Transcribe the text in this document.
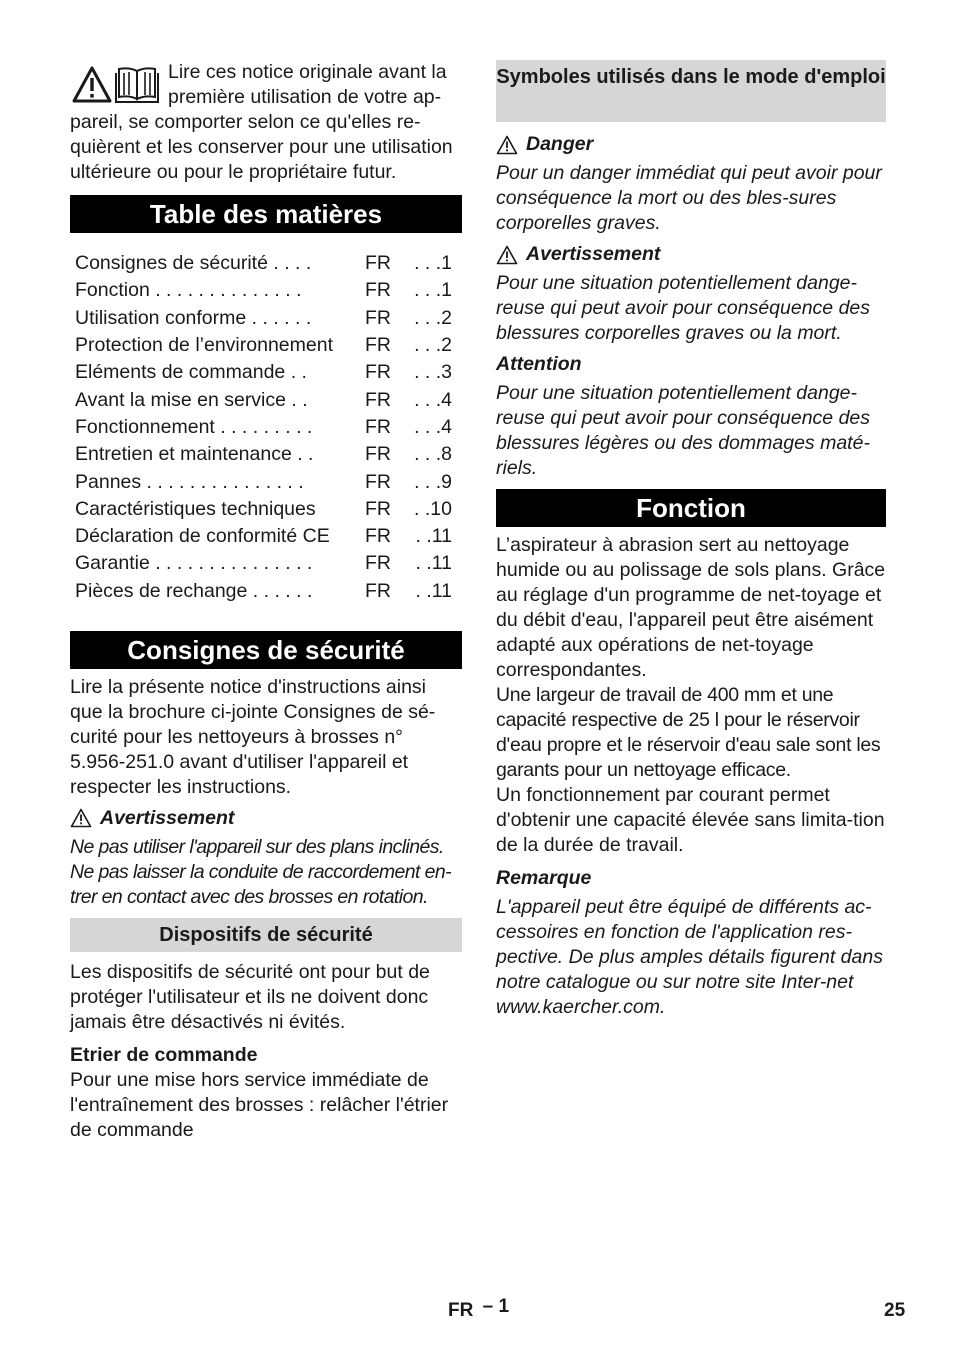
Lire ces notice originale avant la première utilisation de votre ap-pareil, se comporter selon ce qu'elles re-quièrent et les conserver pour une utilisation ultérieure ou pour le propriétaire futur.

Table des matières
Consignes de sécurité . . . .	FR	. . .1
Fonction . . . . . . . . . . . . . .	FR	. . .1
Utilisation conforme . . . . . .	FR	. . .2
Protection de l’environnement	FR	. . .2
Eléments de commande . .	FR	. . .3
Avant la mise en service . .	FR	. . .4
Fonctionnement . . . . . . . . .	FR	. . .4
Entretien et maintenance . .	FR	. . .8
Pannes . . . . . . . . . . . . . . .	FR	. . .9
Caractéristiques techniques	FR	. .10
Déclaration de conformité CE	FR	. .11
Garantie . . . . . . . . . . . . . . .	FR	. .11
Pièces de rechange . . . . . .	FR	. .11
Consignes de sécurité

Lire la présente notice d'instructions ainsi que la brochure ci-jointe Consignes de sé-curité pour les nettoyeurs à brosses n° 5.956-251.0 avant d'utiliser l'appareil et respecter les instructions.

Avertissement

Ne pas utiliser l'appareil sur des plans inclinés. Ne pas laisser la conduite de raccordement en-trer en contact avec des brosses en rotation.

Dispositifs de sécurité

Les dispositifs de sécurité ont pour but de protéger l'utilisateur et ils ne doivent donc jamais être désactivés ni évités.

Etrier de commande

Pour une mise hors service immédiate de l'entraînement des brosses : relâcher l'étrier de commande

Symboles utilisés dans le mode d'emploi
Danger

Pour un danger immédiat qui peut avoir pour conséquence la mort ou des bles-sures corporelles graves.

Avertissement

Pour une situation potentiellement dange-reuse qui peut avoir pour conséquence des blessures corporelles graves ou la mort.

Attention

Pour une situation potentiellement dange-reuse qui peut avoir pour conséquence des blessures légères ou des dommages maté-riels.

Fonction

L’aspirateur à abrasion sert au nettoyage humide ou au polissage de sols plans. Grâce au réglage d'un programme de net-toyage et du débit d'eau, l'appareil peut être aisément adapté aux opérations de net-toyage correspondantes.

Une largeur de travail de 400 mm et une capacité respective de 25 l pour le réservoir d'eau propre et le réservoir d'eau sale sont les garants pour un nettoyage efficace.

Un fonctionnement par courant permet d'obtenir une capacité élevée sans limita-tion de la durée de travail.

Remarque

L'appareil peut être équipé de différents ac-cessoires en fonction de l'application res-pective. De plus amples détails figurent dans notre catalogue ou sur notre site Inter-net www.kaercher.com.

FR – 1	25
